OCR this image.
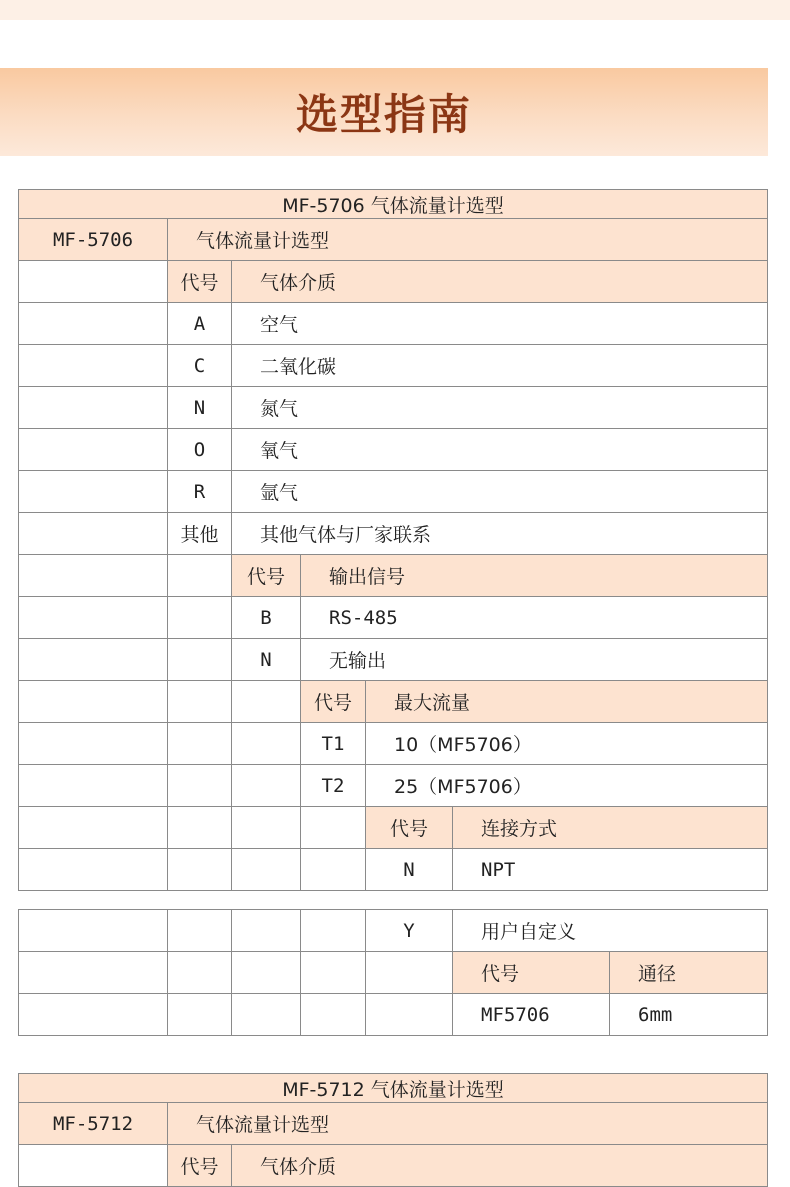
选型指南
MF-5706 气体流量计选型					
MF-5706	气体流量计选型				
	代号	气体介质			
	A	空气			
	C	二氧化碳			
	N	氮气			
	O	氧气			
	R	氩气			
	其他	其他气体与厂家联系			
		代号	输出信号		
		B	RS-485		
		N	无输出		
			代号	最大流量	
			T1	10（MF5706）	
			T2	25（MF5706）	
				代号	连接方式
				N	NPT
				Y	用户自定义	
					代号	通径
					MF5706	6mm
MF-5712 气体流量计选型		
MF-5712	气体流量计选型	
	代号	气体介质
